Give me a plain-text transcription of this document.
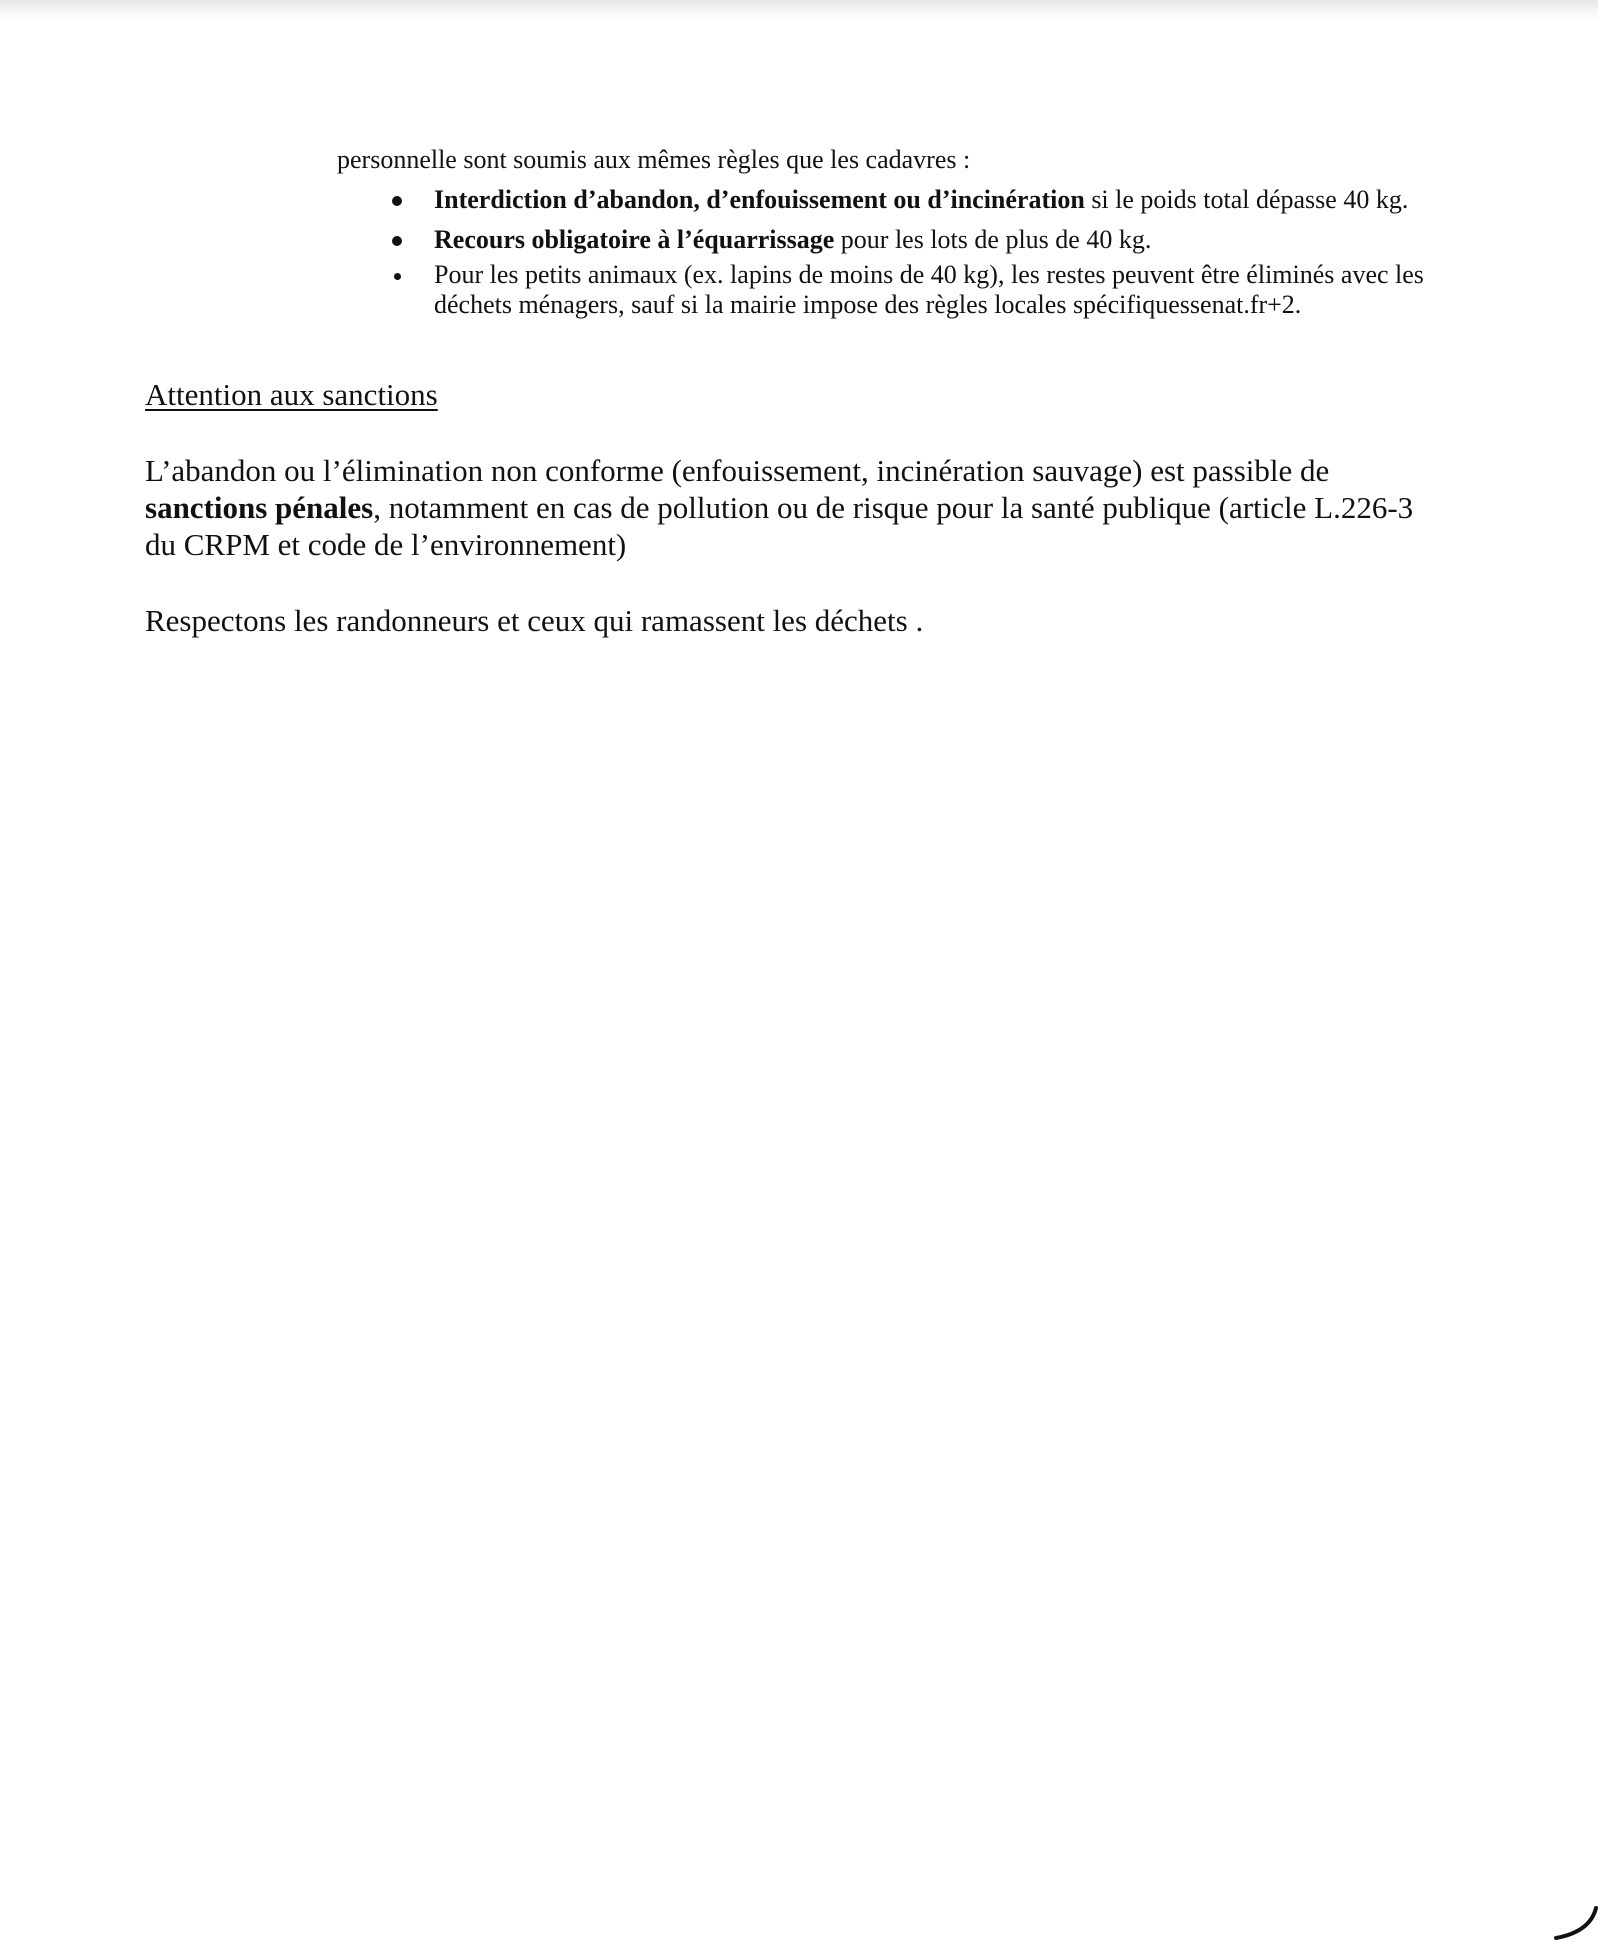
personnelle sont soumis aux mêmes règles que les cadavres :

Interdiction d’abandon, d’enfouissement ou d’incinération si le poids total dépasse 40 kg.
Recours obligatoire à l’équarrissage pour les lots de plus de 40 kg.
Pour les petits animaux (ex. lapins de moins de 40 kg), les restes peuvent être éliminés avec les déchets ménagers, sauf si la mairie impose des règles locales spécifiquessenat.fr+2.
Attention aux sanctions

L’abandon ou l’élimination non conforme (enfouissement, incinération sauvage) est passible de sanctions pénales, notamment en cas de pollution ou de risque pour la santé publique (article L.226-3 du CRPM et code de l’environnement)

Respectons les randonneurs et ceux qui ramassent les déchets .
